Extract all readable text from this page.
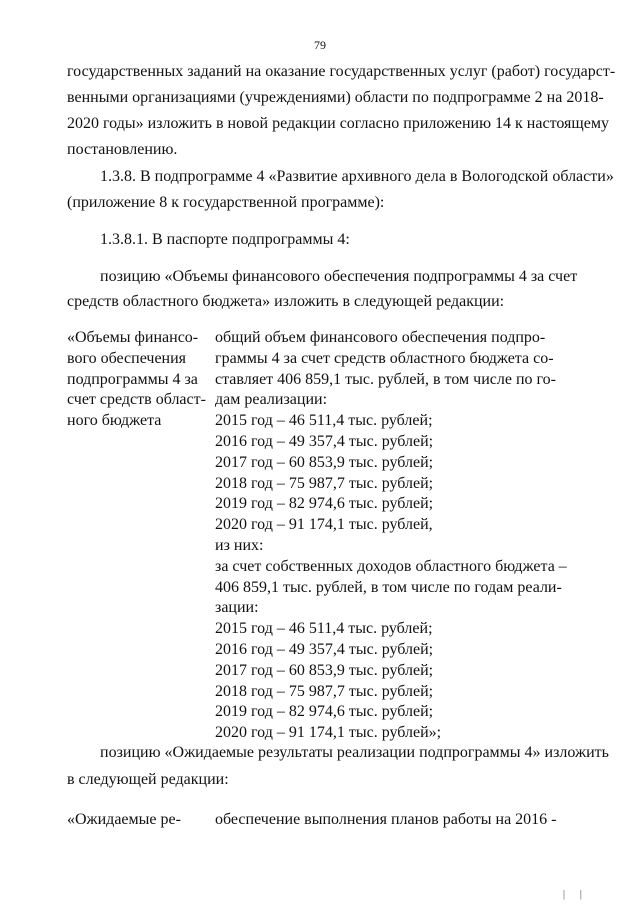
79
государственных заданий на оказание государственных услуг (работ) государст-
венными организациями (учреждениями) области по подпрограмме 2 на 2018-
2020 годы» изложить в новой редакции согласно приложению 14 к настоящему
постановлению.
1.3.8. В подпрограмме 4 «Развитие архивного дела в Вологодской области»
(приложение 8 к государственной программе):
1.3.8.1. В паспорте подпрограммы 4:
позицию «Объемы финансового обеспечения подпрограммы 4 за счет
средств областного бюджета» изложить в следующей редакции:
«Объемы финансо-
вого обеспечения
подпрограммы 4 за
счет средств област-
ного бюджета
общий объем финансового обеспечения подпро-
граммы 4 за счет средств областного бюджета со-
ставляет 406 859,1 тыс. рублей, в том числе по го-
дам реализации:
2015 год – 46 511,4 тыс. рублей;
2016 год – 49 357,4 тыс. рублей;
2017 год – 60 853,9 тыс. рублей;
2018 год – 75 987,7 тыс. рублей;
2019 год – 82 974,6 тыс. рублей;
2020 год – 91 174,1 тыс. рублей,
из них:
за счет собственных доходов областного бюджета –
406 859,1 тыс. рублей, в том числе по годам реали-
зации:
2015 год – 46 511,4 тыс. рублей;
2016 год – 49 357,4 тыс. рублей;
2017 год – 60 853,9 тыс. рублей;
2018 год – 75 987,7 тыс. рублей;
2019 год – 82 974,6 тыс. рублей;
2020 год – 91 174,1 тыс. рублей»;
позицию «Ожидаемые результаты реализации подпрограммы 4» изложить
в следующей редакции:
«Ожидаемые ре- обеспечение выполнения планов работы на 2016 -
| |
